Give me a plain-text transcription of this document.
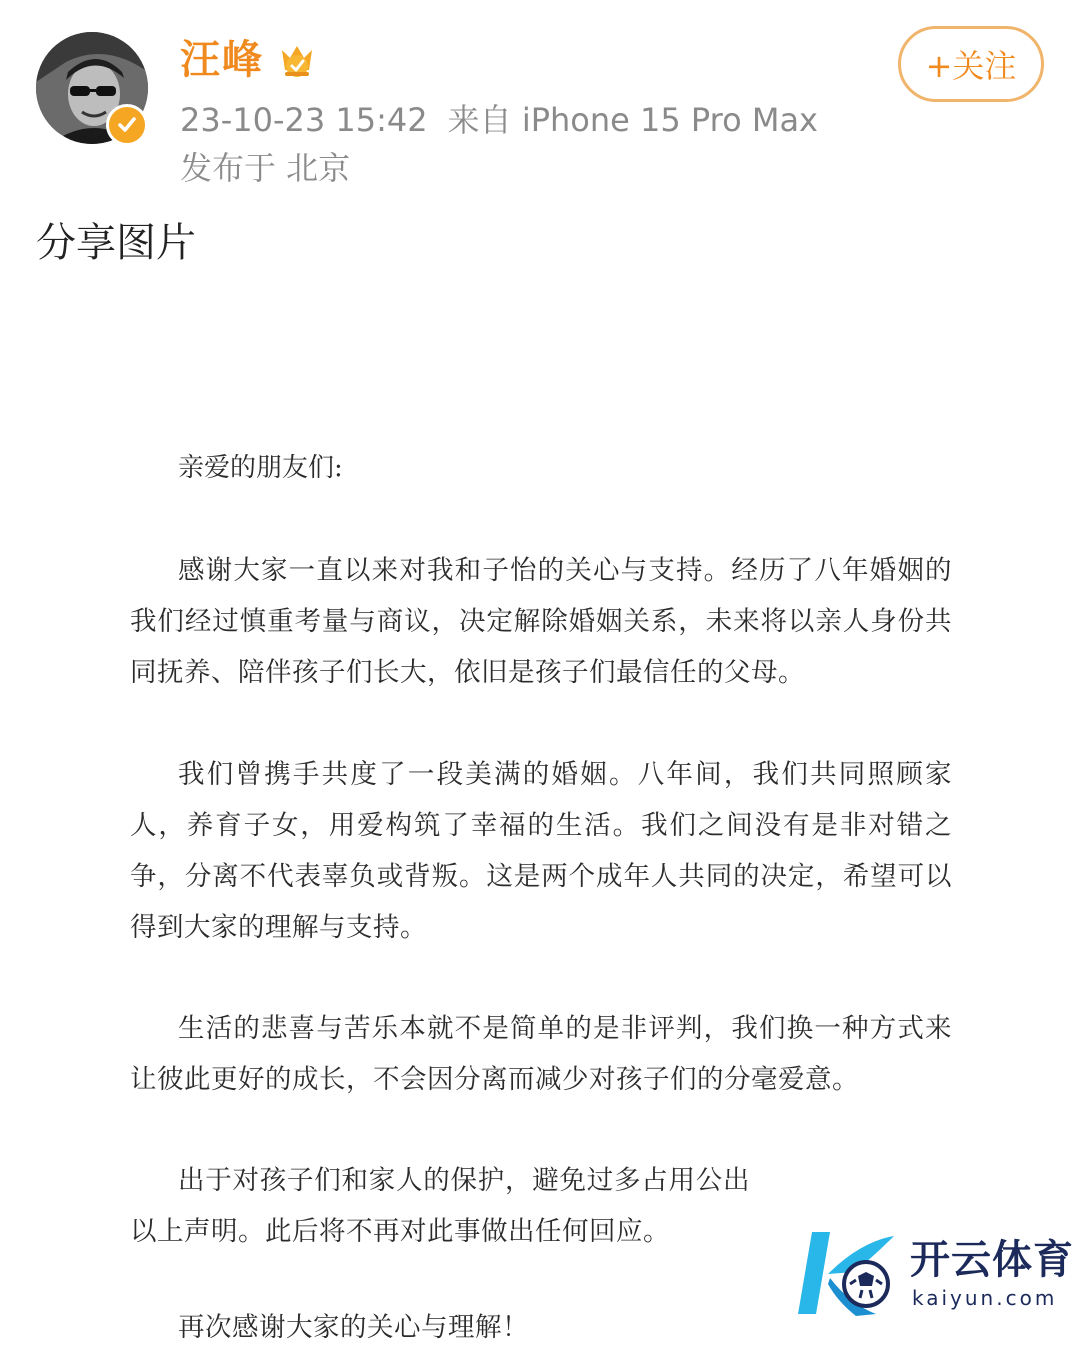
汪峰
23-10-23 15:42 来自 iPhone 15 Pro Max
发布于 北京
+关注
分享图片
亲爱的朋友们:
感谢大家一直以来对我和子怡的关心与支持。经历了八年婚姻的我们经过慎重考量与商议，决定解除婚姻关系，未来将以亲人身份共同抚养、陪伴孩子们长大，依旧是孩子们最信任的父母。
我们曾携手共度了一段美满的婚姻。八年间，我们共同照顾家人，养育子女，用爱构筑了幸福的生活。我们之间没有是非对错之争，分离不代表辜负或背叛。这是两个成年人共同的决定，希望可以得到大家的理解与支持。
生活的悲喜与苦乐本就不是简单的是非评判，我们换一种方式来让彼此更好的成长，不会因分离而减少对孩子们的分毫爱意。
出于对孩子们和家人的保护，避免过多占用公出以上声明。此后将不再对此事做出任何回应。
再次感谢大家的关心与理解！
开云体育
kaiyun.com
